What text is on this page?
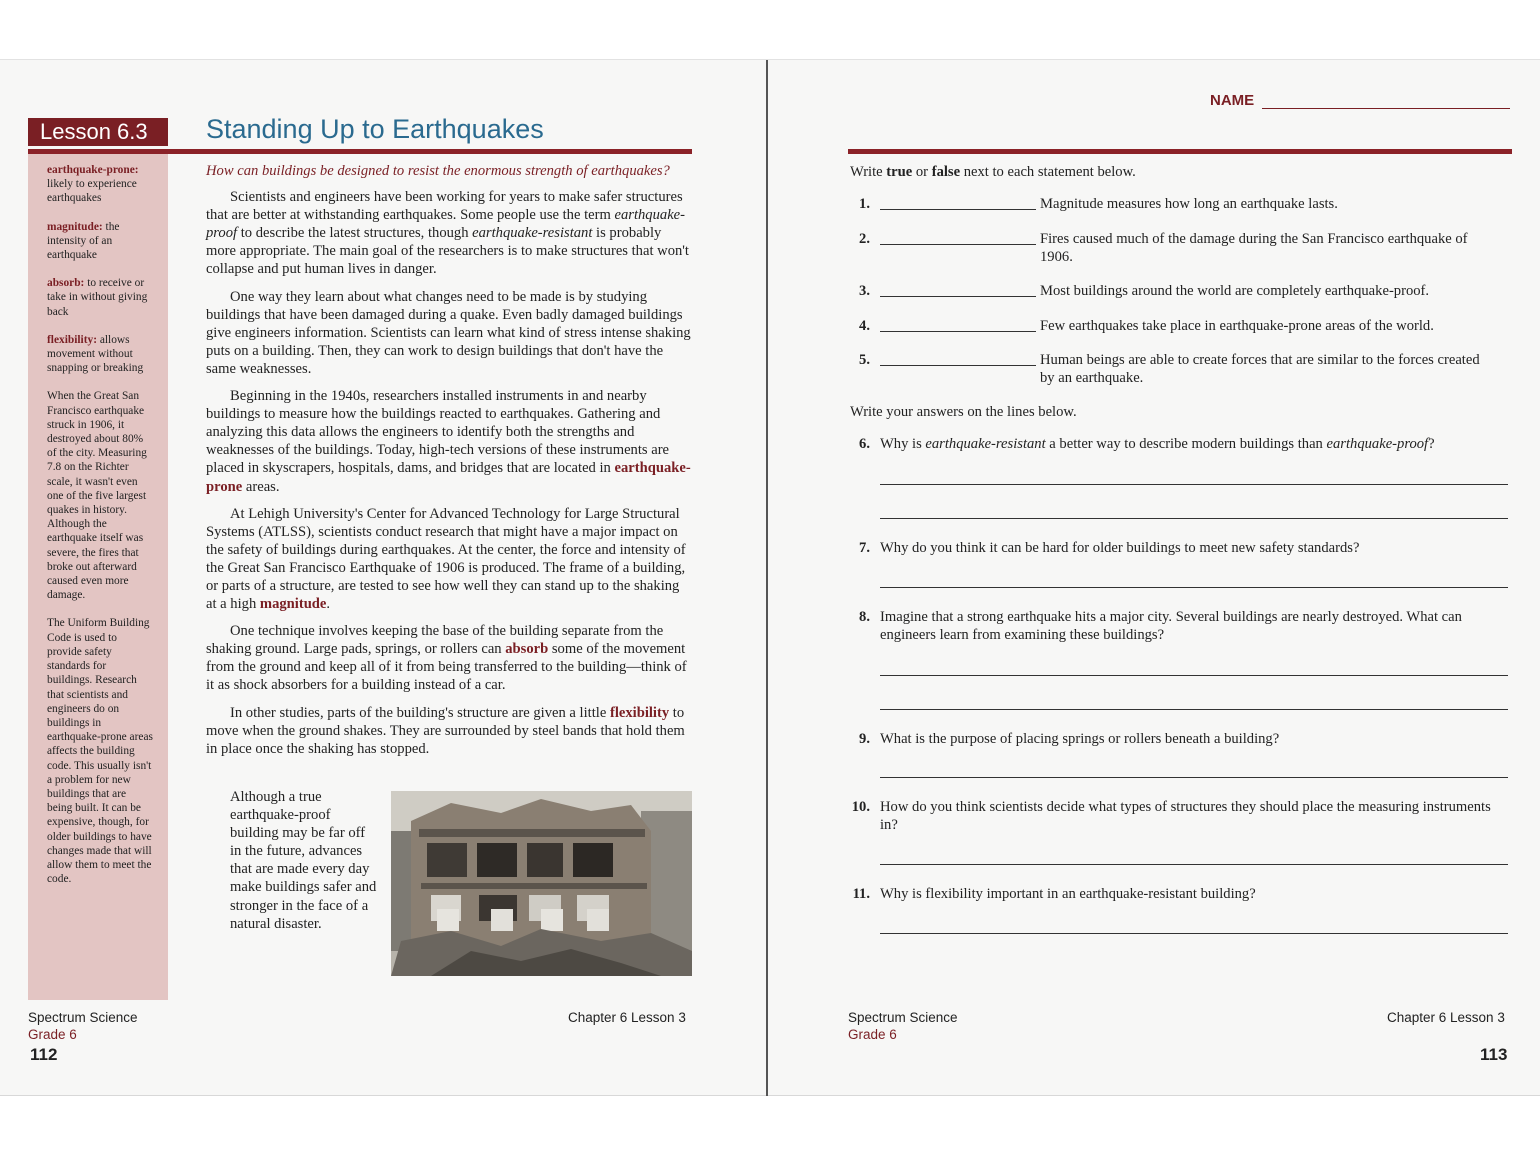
Lesson 6.3	Standing Up to Earthquakes
earthquake-prone: likely to experience earthquakes
magnitude: the intensity of an earthquake
absorb: to receive or take in without giving back
flexibility: allows movement without snapping or breaking
When the Great San Francisco earthquake struck in 1906, it destroyed about 80% of the city. Measuring 7.8 on the Richter scale, it wasn't even one of the five largest quakes in history. Although the earthquake itself was severe, the fires that broke out afterward caused even more damage.
The Uniform Building Code is used to provide safety standards for buildings. Research that scientists and engineers do on buildings in earthquake-prone areas affects the building code. This usually isn't a problem for new buildings that are being built. It can be expensive, though, for older buildings to have changes made that will allow them to meet the code.
How can buildings be designed to resist the enormous strength of earthquakes?

Scientists and engineers have been working for years to make safer structures that are better at withstanding earthquakes. Some people use the term earthquake-proof to describe the latest structures, though earthquake-resistant is probably more appropriate. The main goal of the researchers is to make structures that won't collapse and put human lives in danger.

One way they learn about what changes need to be made is by studying buildings that have been damaged during a quake. Even badly damaged buildings give engineers information. Scientists can learn what kind of stress intense shaking puts on a building. Then, they can work to design buildings that don't have the same weaknesses.

Beginning in the 1940s, researchers installed instruments in and nearby buildings to measure how the buildings reacted to earthquakes. Gathering and analyzing this data allows the engineers to identify both the strengths and weaknesses of the buildings. Today, high-tech versions of these instruments are placed in skyscrapers, hospitals, dams, and bridges that are located in earthquake-prone areas.

At Lehigh University's Center for Advanced Technology for Large Structural Systems (ATLSS), scientists conduct research that might have a major impact on the safety of buildings during earthquakes. At the center, the force and intensity of the Great San Francisco Earthquake of 1906 is produced. The frame of a building, or parts of a structure, are tested to see how well they can stand up to the shaking at a high magnitude.

One technique involves keeping the base of the building separate from the shaking ground. Large pads, springs, or rollers can absorb some of the movement from the ground and keep all of it from being transferred to the building—think of it as shock absorbers for a building instead of a car.

In other studies, parts of the building's structure are given a little flexibility to move when the ground shakes. They are surrounded by steel bands that hold them in place once the shaking has stopped.

Although a true earthquake-proof building may be far off in the future, advances that are made every day make buildings safer and stronger in the face of a natural disaster.
Spectrum Science
Grade 6
Chapter 6 Lesson 3
112
NAME
Write true or false next to each statement below.
1.	Magnitude measures how long an earthquake lasts.
2.	Fires caused much of the damage during the San Francisco earthquake of 1906.
3.	Most buildings around the world are completely earthquake-proof.
4.	Few earthquakes take place in earthquake-prone areas of the world.
5.	Human beings are able to create forces that are similar to the forces created by an earthquake.
Write your answers on the lines below.
6. Why is earthquake-resistant a better way to describe modern buildings than earthquake-proof?
7. Why do you think it can be hard for older buildings to meet new safety standards?
8. Imagine that a strong earthquake hits a major city. Several buildings are nearly destroyed. What can engineers learn from examining these buildings?
9. What is the purpose of placing springs or rollers beneath a building?
10. How do you think scientists decide what types of structures they should place the measuring instruments in?
11. Why is flexibility important in an earthquake-resistant building?
Spectrum Science
Grade 6
Chapter 6 Lesson 3
113
